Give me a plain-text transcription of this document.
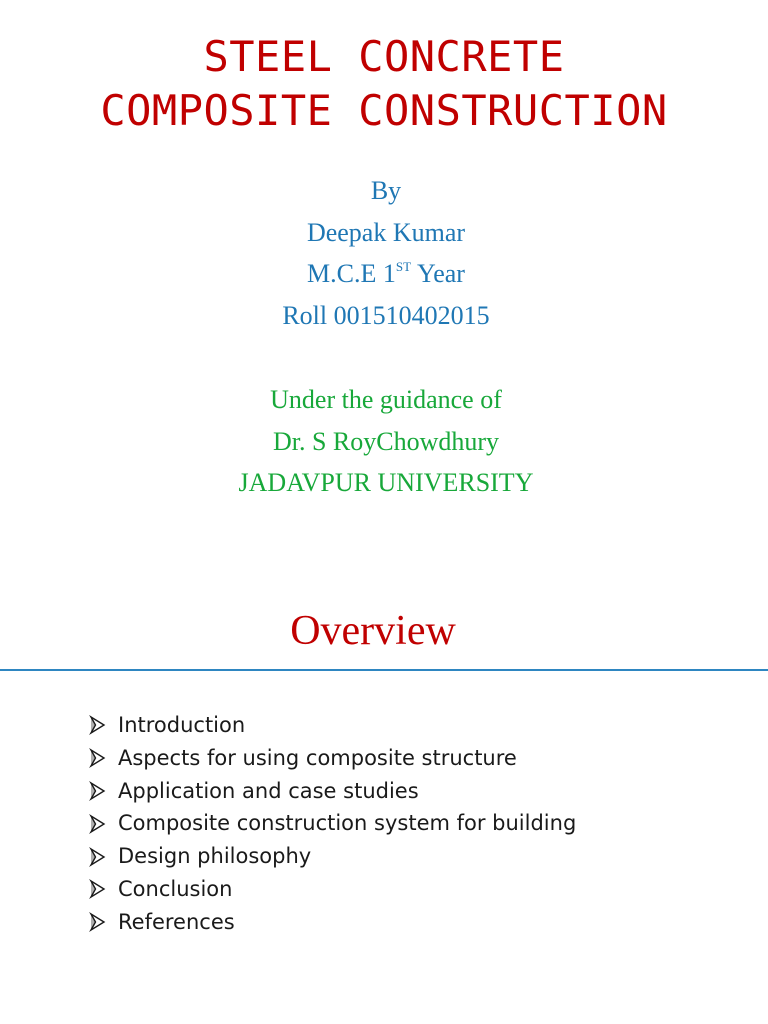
STEEL CONCRETE
COMPOSITE CONSTRUCTION
By
Deepak Kumar
M.C.E 1ST Year
Roll 001510402015
Under the guidance of
Dr. S RoyChowdhury
JADAVPUR UNIVERSITY
Overview
Introduction
Aspects for using composite structure
Application and case studies
Composite construction system for building
Design philosophy
Conclusion
References
